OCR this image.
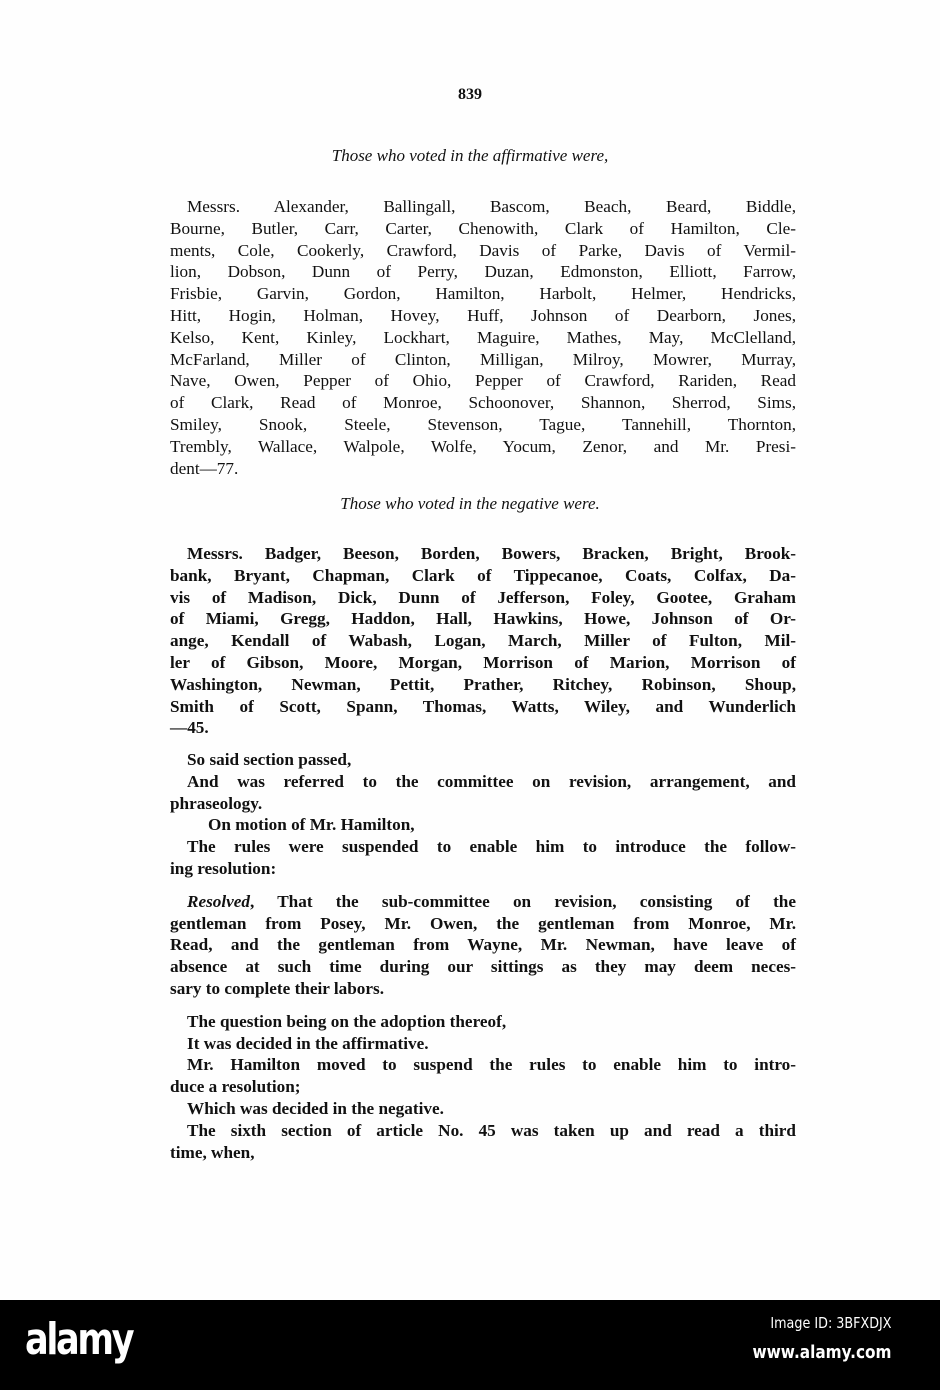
839
Those who voted in the affirmative were,
Messrs. Alexander, Ballingall, Bascom, Beach, Beard, Biddle,
Bourne, Butler, Carr, Carter, Chenowith, Clark of Hamilton, Cle-
ments, Cole, Cookerly, Crawford, Davis of Parke, Davis of Vermil-
lion, Dobson, Dunn of Perry, Duzan, Edmonston, Elliott, Farrow,
Frisbie, Garvin, Gordon, Hamilton, Harbolt, Helmer, Hendricks,
Hitt, Hogin, Holman, Hovey, Huff, Johnson of Dearborn, Jones,
Kelso, Kent, Kinley, Lockhart, Maguire, Mathes, May, McClelland,
McFarland, Miller of Clinton, Milligan, Milroy, Mowrer, Murray,
Nave, Owen, Pepper of Ohio, Pepper of Crawford, Rariden, Read
of Clark, Read of Monroe, Schoonover, Shannon, Sherrod, Sims,
Smiley, Snook, Steele, Stevenson, Tague, Tannehill, Thornton,
Trembly, Wallace, Walpole, Wolfe, Yocum, Zenor, and Mr. Presi-
dent—77.
Those who voted in the negative were.
Messrs. Badger, Beeson, Borden, Bowers, Bracken, Bright, Brook-
bank, Bryant, Chapman, Clark of Tippecanoe, Coats, Colfax, Da-
vis of Madison, Dick, Dunn of Jefferson, Foley, Gootee, Graham
of Miami, Gregg, Haddon, Hall, Hawkins, Howe, Johnson of Or-
ange, Kendall of Wabash, Logan, March, Miller of Fulton, Mil-
ler of Gibson, Moore, Morgan, Morrison of Marion, Morrison of
Washington, Newman, Pettit, Prather, Ritchey, Robinson, Shoup,
Smith of Scott, Spann, Thomas, Watts, Wiley, and Wunderlich
—45.
So said section passed,
And was referred to the committee on revision, arrangement, and
phraseology.
On motion of Mr. Hamilton,
The rules were suspended to enable him to introduce the follow-
ing resolution:
Resolved, That the sub-committee on revision, consisting of the
gentleman from Posey, Mr. Owen, the gentleman from Monroe, Mr.
Read, and the gentleman from Wayne, Mr. Newman, have leave of
absence at such time during our sittings as they may deem neces-
sary to complete their labors.
The question being on the adoption thereof,
It was decided in the affirmative.
Mr. Hamilton moved to suspend the rules to enable him to intro-
duce a resolution;
Which was decided in the negative.
The sixth section of article No. 45 was taken up and read a third
time, when,
alamy	Image ID: 3BFXDJX
www.alamy.com
